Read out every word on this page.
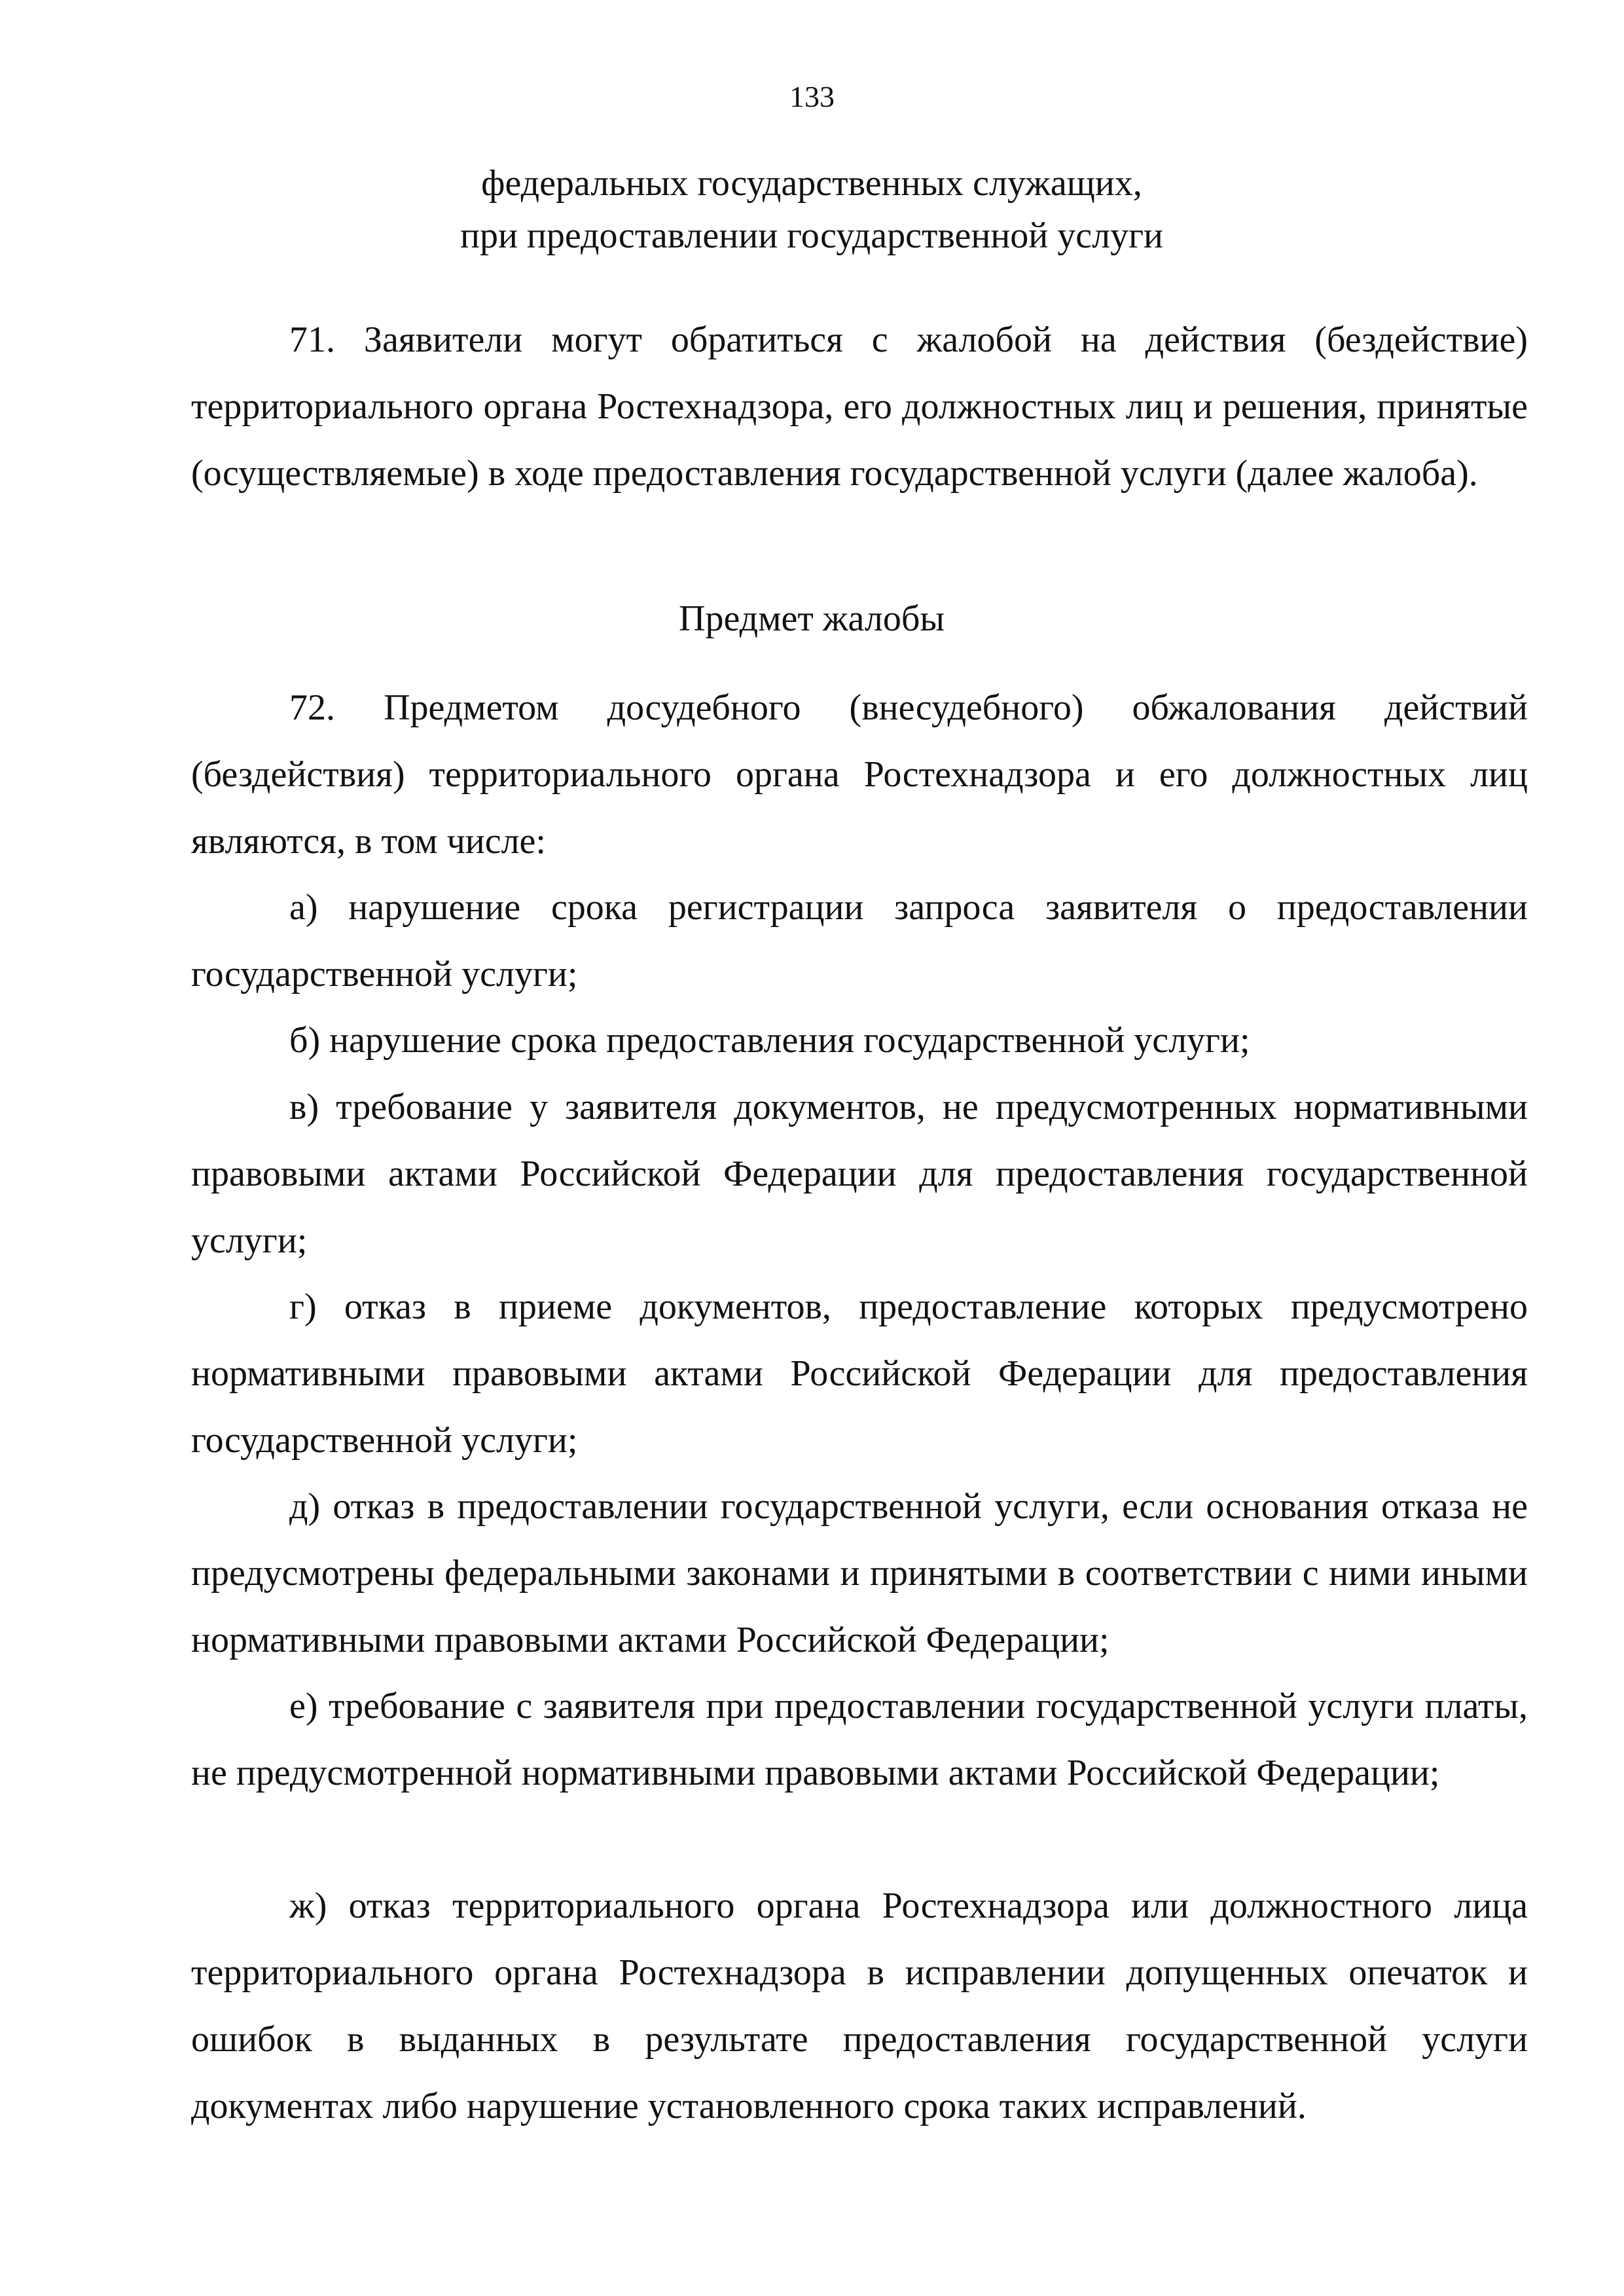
133
федеральных государственных служащих,
при предоставлении государственной услуги

71. Заявители могут обратиться с жалобой на действия (бездействие) территориального органа Ростехнадзора, его должностных лиц и решения, принятые (осуществляемые) в ходе предоставления государственной услуги (далее жалоба).

Предмет жалобы

72. Предметом досудебного (внесудебного) обжалования действий (бездействия) территориального органа Ростехнадзора и его должностных лиц являются, в том числе:

а) нарушение срока регистрации запроса заявителя о предоставлении государственной услуги;

б) нарушение срока предоставления государственной услуги;

в) требование у заявителя документов, не предусмотренных нормативными правовыми актами Российской Федерации для предоставления государственной услуги;

г) отказ в приеме документов, предоставление которых предусмотрено нормативными правовыми актами Российской Федерации для предоставления государственной услуги;

д) отказ в предоставлении государственной услуги, если основания отказа не предусмотрены федеральными законами и принятыми в соответствии с ними иными нормативными правовыми актами Российской Федерации;

е) требование с заявителя при предоставлении государственной услуги платы, не предусмотренной нормативными правовыми актами Российской Федерации;

ж) отказ территориального органа Ростехнадзора или должностного лица территориального органа Ростехнадзора в исправлении допущенных опечаток и ошибок в выданных в результате предоставления государственной услуги документах либо нарушение установленного срока таких исправлений.
